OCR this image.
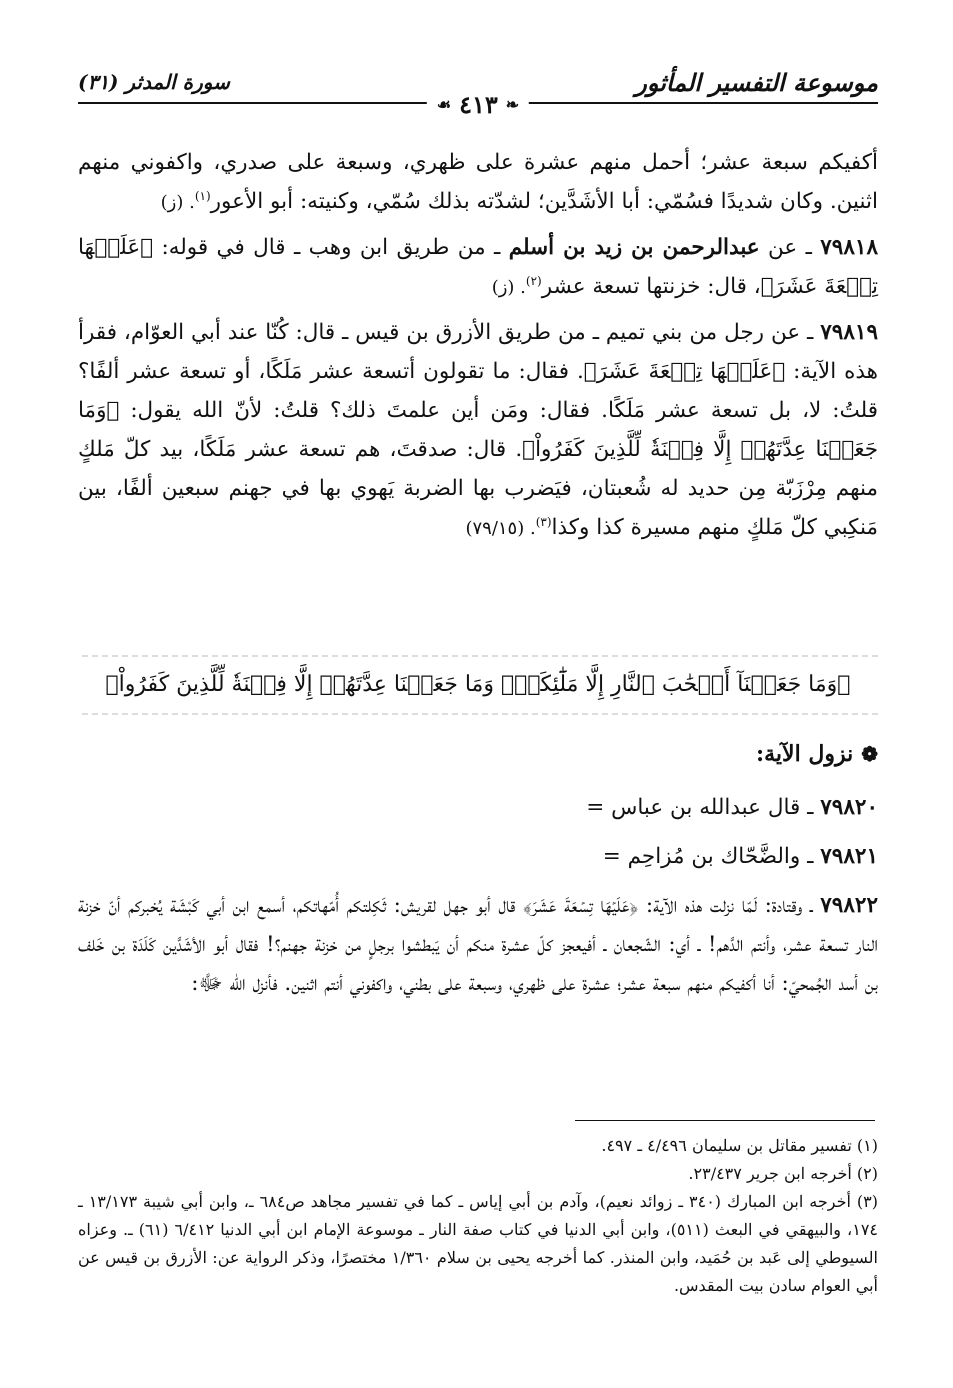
موسوعة التفسير المأثور
❧
٤١٣
☙
سورة المدثر (٣١)

أكفيكم سبعة عشر؛ أحمل منهم عشرة على ظهري، وسبعة على صدري، واكفوني منهم اثنين. وكان شديدًا فسُمّي: أبا الأشَدَّين؛ لشدّته بذلك سُمّي، وكنيته: أبو الأعور$^{(١)}$. (ز)

٧٩٨١٨ ـ عن عبدالرحمن بن زيد بن أسلم ـ من طريق ابن وهب ـ قال في قوله: ﴿عَلَيۡهَا تِسۡعَةَ عَشَرَ﴾، قال: خزنتها تسعة عشر$^{(٢)}$. (ز)

٧٩٨١٩ ـ عن رجل من بني تميم ـ من طريق الأزرق بن قيس ـ قال: كُنّا عند أبي العوّام، فقرأ هذه الآية: ﴿عَلَيۡهَا تِسۡعَةَ عَشَرَ﴾. فقال: ما تقولون أتسعة عشر مَلَكًا، أو تسعة عشر ألفًا؟ قلتُ: لا، بل تسعة عشر مَلَكًا. فقال: ومَن أين علمتَ ذلك؟ قلتُ: لأنّ الله يقول: ﴿وَمَا جَعَلۡنَا عِدَّتَهُمۡ إِلَّا فِتۡنَةٗ لِّلَّذِينَ كَفَرُواْ﴾. قال: صدقتَ، هم تسعة عشر مَلَكًا، بيد كلّ مَلكٍ منهم مِرْزَبّة مِن حديد له شُعبتان، فيَضرب بها الضربة يَهوي بها في جهنم سبعين ألفًا، بين مَنكِبي كلّ مَلكٍ منهم مسيرة كذا وكذا$^{(٣)}$. (٧٩/١٥)

﴿وَمَا جَعَلۡنَآ أَصۡحَٰبَ ٱلنَّارِ إِلَّا مَلَٰٓئِكَةٗۙ وَمَا جَعَلۡنَا عِدَّتَهُمۡ إِلَّا فِتۡنَةٗ لِّلَّذِينَ كَفَرُواْ﴾
❁نزول الآية:

٧٩٨٢٠ ـ قال عبدالله بن عباس =

٧٩٨٢١ ـ والضَّحّاك بن مُزاحِم =

٧٩٨٢٢ ـ وقتادة: لَمّا نزلت هذه الآية: ﴿عَلَيۡهَا تِسۡعَةَ عَشَرَ﴾ قال أبو جهل لقريش: ثَكِلتكم أُمّهاتكم، أسمع ابن أبي كَبْشَة يُخبركم أنّ خزنة النار تسعة عشر، وأنتم الدَّهم! ـ أي: الشّجعان ـ أفيعجز كلّ عشرة منكم أن يَبطشوا برجلٍ من خزنة جهنم؟! فقال أبو الأشَدَّين كَلَدَة بن خَلف بن أسد الجُمحيّ: أنا أكفيكم منهم سبعة عشر؛ عشرة على ظهري، وسبعة على بطني، واكفوني أنتم اثنين. فأنزل الله ﷻ:

(١) تفسير مقاتل بن سليمان ٤/٤٩٦ ـ ٤٩٧.

(٢) أخرجه ابن جرير ٢٣/٤٣٧.

(٣) أخرجه ابن المبارك (٣٤٠ ـ زوائد نعيم)، وآدم بن أبي إياس ـ كما في تفسير مجاهد ص٦٨٤ ـ، وابن أبي شيبة ١٣/١٧٣ ـ ١٧٤، والبيهقي في البعث (٥١١)، وابن أبي الدنيا في كتاب صفة النار ـ موسوعة الإمام ابن أبي الدنيا ٦/٤١٢ (٦١) ـ. وعزاه السيوطي إلى عَبد بن حُمَيد، وابن المنذر. كما أخرجه يحيى بن سلام ١/٣٦٠ مختصرًا، وذكر الرواية عن: الأزرق بن قيس عن أبي العوام سادن بيت المقدس.
